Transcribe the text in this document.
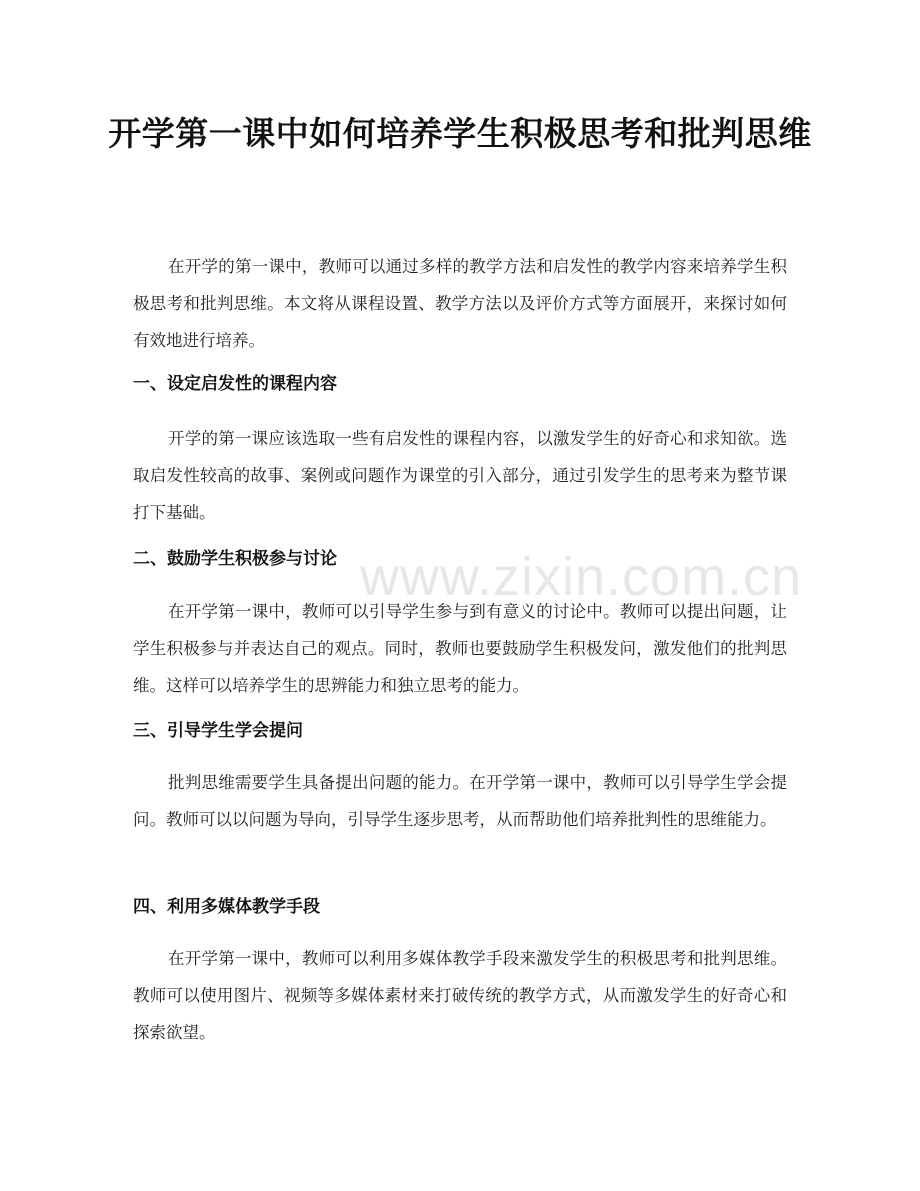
开学第一课中如何培养学生积极思考和批判思维

在开学的第一课中，教师可以通过多样的教学方法和启发性的教学内容来培养学生积极思考和批判思维。本文将从课程设置、教学方法以及评价方式等方面展开，来探讨如何有效地进行培养。

一、设定启发性的课程内容

开学的第一课应该选取一些有启发性的课程内容，以激发学生的好奇心和求知欲。选取启发性较高的故事、案例或问题作为课堂的引入部分，通过引发学生的思考来为整节课打下基础。

二、鼓励学生积极参与讨论

在开学第一课中，教师可以引导学生参与到有意义的讨论中。教师可以提出问题，让学生积极参与并表达自己的观点。同时，教师也要鼓励学生积极发问，激发他们的批判思维。这样可以培养学生的思辨能力和独立思考的能力。

三、引导学生学会提问

批判思维需要学生具备提出问题的能力。在开学第一课中，教师可以引导学生学会提问。教师可以以问题为导向，引导学生逐步思考，从而帮助他们培养批判性的思维能力。

四、利用多媒体教学手段

在开学第一课中，教师可以利用多媒体教学手段来激发学生的积极思考和批判思维。教师可以使用图片、视频等多媒体素材来打破传统的教学方式，从而激发学生的好奇心和探索欲望。

www.zixin.com.cn
